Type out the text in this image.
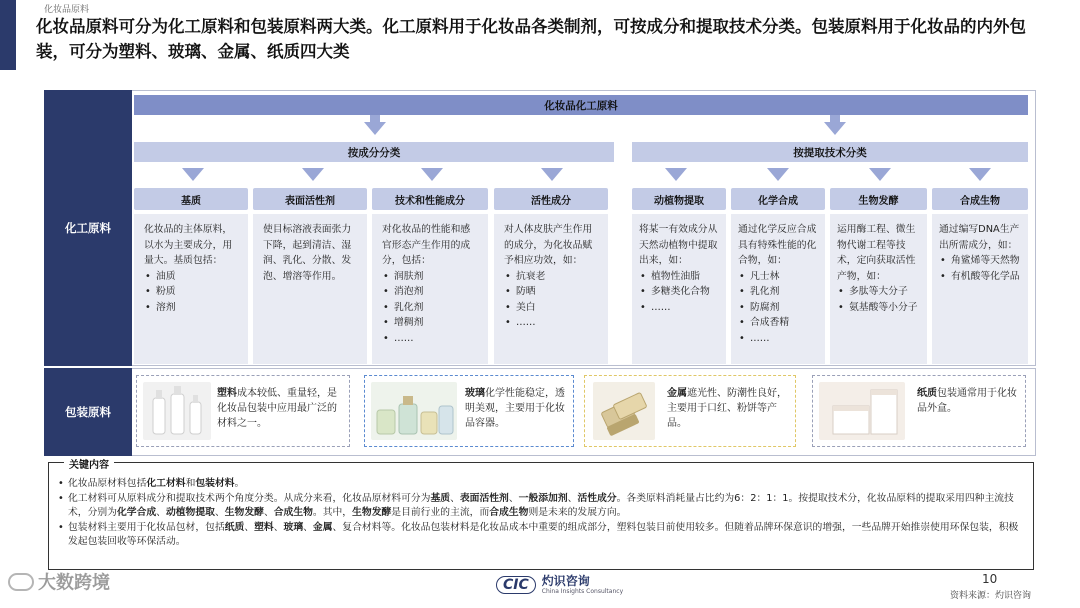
化妆品原料
化妆品原料可分为化工原料和包装原料两大类。化工原料用于化妆品各类制剂，可按成分和提取技术分类。包装原料用于化妆品的内外包装，可分为塑料、玻璃、金属、纸质四大类
化工原料
包装原料
化妆品化工原料
按成分分类	按提取技术分类
基质
化妆品的主体原料，以水为主要成分，用量大。基质包括：
• 油质
• 粉质
• 溶剂
表面活性剂
使目标溶液表面张力下降，起到清洁、湿润、乳化、分散、发泡、增溶等作用。
技术和性能成分
对化妆品的性能和感官形态产生作用的成分，包括：
• 润肤剂
• 消泡剂
• 乳化剂
• 增稠剂
• ……
活性成分
对人体皮肤产生作用的成分，为化妆品赋予相应功效，如：
• 抗衰老
• 防晒
• 美白
• ……
动植物提取
将某一有效成分从天然动植物中提取出来，如：
• 植物性油脂
• 多糖类化合物
• ……
化学合成
通过化学反应合成具有特殊性能的化合物，如：
• 凡士林
• 乳化剂
• 防腐剂
• 合成香精
• ……
生物发酵
运用酶工程、微生物代谢工程等技术，定向获取活性产物，如：
• 多肽等大分子
• 氨基酸等小分子
合成生物
通过编写DNA生产出所需成分，如：
• 角鲨烯等天然物
• 有机酸等化学品
塑料成本较低、重量轻，是化妆品包装中应用最广泛的材料之一。
玻璃化学性能稳定，透明美观，主要用于化妆品容器。
金属遮光性、防潮性良好，主要用于口红、粉饼等产品。
纸质包装通常用于化妆品外盒。
关键内容
• 化妆品原材料包括化工材料和包装材料。
• 化工材料可从原料成分和提取技术两个角度分类。从成分来看，化妆品原材料可分为基质、表面活性剂、一般添加剂、活性成分。各类原料消耗量占比约为6：2：1：1。按提取技术分，化妆品原料的提取采用四种主流技术，分别为化学合成、动植物提取、生物发酵、合成生物。其中，生物发酵是目前行业的主流，而合成生物则是未来的发展方向。
• 包装材料主要用于化妆品包材，包括纸质、塑料、玻璃、金属、复合材料等。化妆品包装材料是化妆品成本中重要的组成部分，塑料包装目前使用较多。但随着品牌环保意识的增强，一些品牌开始推崇使用环保包装，积极发起包装回收等环保活动。
大数跨境	CIC	灼识咨询
China Insights Consultancy
10
资料来源：灼识咨询
